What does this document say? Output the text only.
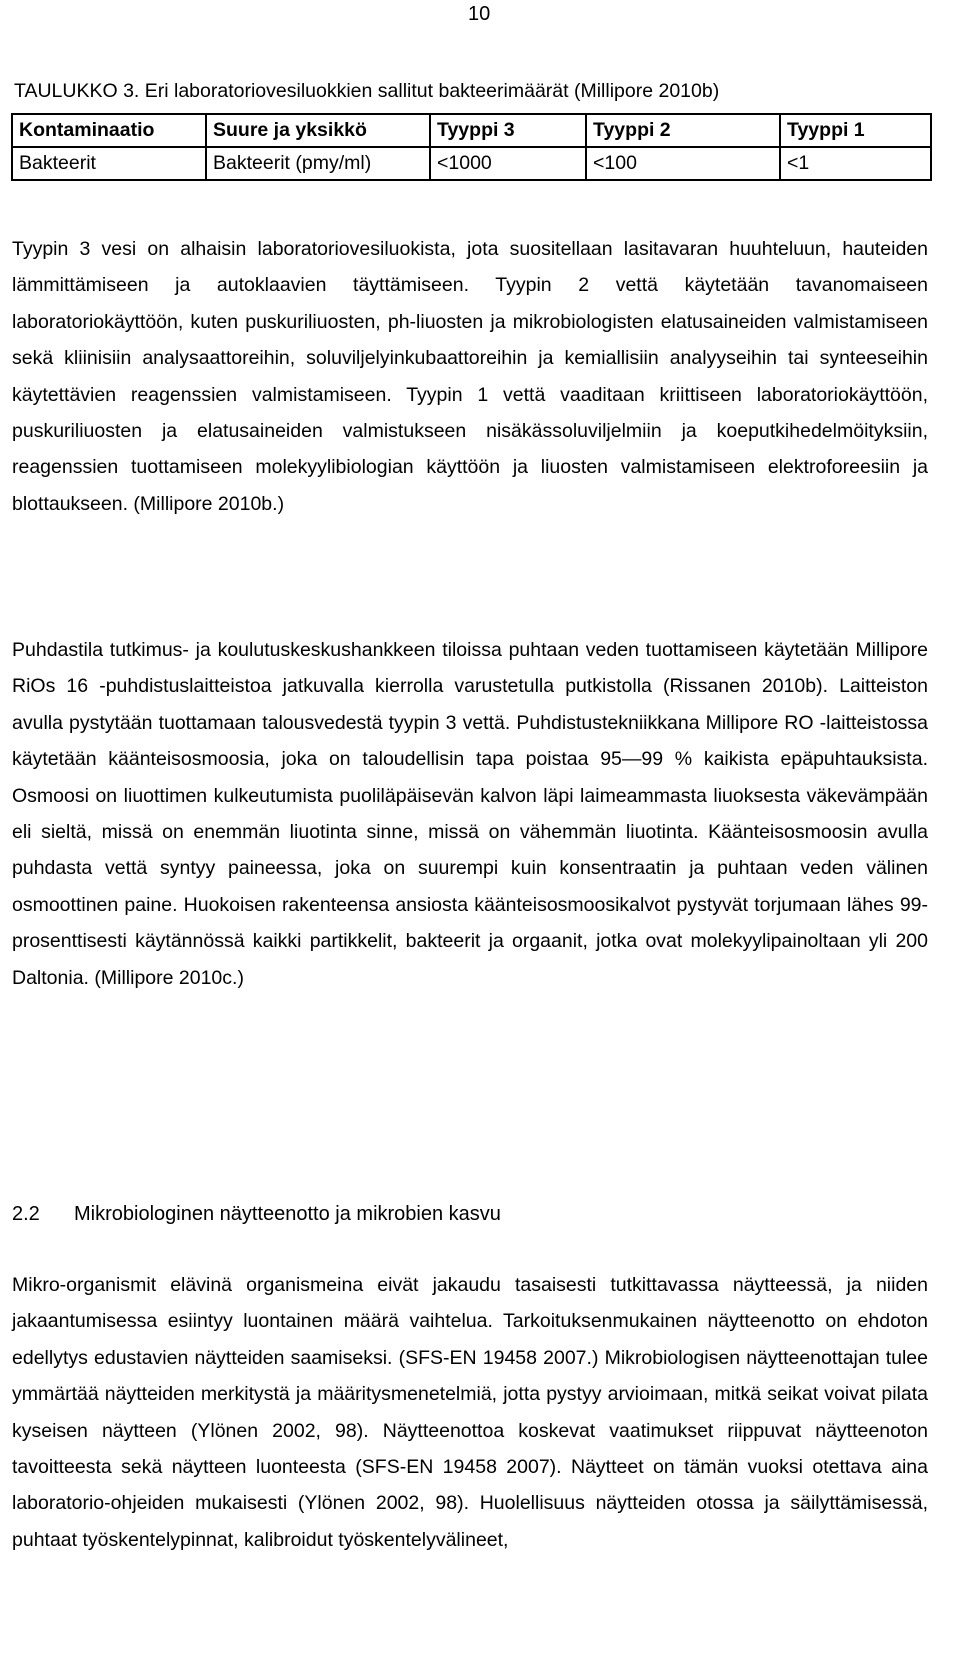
10
TAULUKKO 3. Eri laboratoriovesiluokkien sallitut bakteerimäärät (Millipore 2010b)
Kontaminaatio	Suure ja yksikkö	Tyyppi 3	Tyyppi 2	Tyyppi 1
Bakteerit	Bakteerit (pmy/ml)	<1000	<100	<1

Tyypin 3 vesi on alhaisin laboratoriovesiluokista, jota suositellaan lasitavaran huuhteluun, hauteiden lämmittämiseen ja autoklaavien täyttämiseen. Tyypin 2 vettä käytetään tavanomaiseen laboratoriokäyttöön, kuten puskuriliuosten, ph-liuosten ja mikrobiologisten elatusaineiden valmistamiseen sekä kliinisiin analysaattoreihin, soluviljelyinkubaattoreihin ja kemiallisiin analyyseihin tai synteeseihin käytettävien reagenssien valmistamiseen. Tyypin 1 vettä vaaditaan kriittiseen laboratoriokäyttöön, puskuriliuosten ja elatusaineiden valmistukseen nisäkässoluviljelmiin ja koeputkihedelmöityksiin, reagenssien tuottamiseen molekyylibiologian käyttöön ja liuosten valmistamiseen elektroforeesiin ja blottaukseen. (Millipore 2010b.)

Puhdastila tutkimus- ja koulutuskeskushankkeen tiloissa puhtaan veden tuottamiseen käytetään Millipore RiOs 16 -puhdistuslaitteistoa jatkuvalla kierrolla varustetulla putkistolla (Rissanen 2010b). Laitteiston avulla pystytään tuottamaan talousvedestä tyypin 3 vettä. Puhdistustekniikkana Millipore RO -laitteistossa käytetään käänteisosmoosia, joka on taloudellisin tapa poistaa 95—99 % kaikista epäpuhtauksista. Osmoosi on liuottimen kulkeutumista puoliläpäisevän kalvon läpi laimeammasta liuoksesta väkevämpään eli sieltä, missä on enemmän liuotinta sinne, missä on vähemmän liuotinta. Käänteisosmoosin avulla puhdasta vettä syntyy paineessa, joka on suurempi kuin konsentraatin ja puhtaan veden välinen osmoottinen paine. Huokoisen rakenteensa ansiosta käänteisosmoosikalvot pystyvät torjumaan lähes 99-prosenttisesti käytännössä kaikki partikkelit, bakteerit ja orgaanit, jotka ovat molekyylipainoltaan yli 200 Daltonia. (Millipore 2010c.)

2.2 Mikrobiologinen näytteenotto ja mikrobien kasvu

Mikro-organismit elävinä organismeina eivät jakaudu tasaisesti tutkittavassa näytteessä, ja niiden jakaantumisessa esiintyy luontainen määrä vaihtelua. Tarkoituksenmukainen näytteenotto on ehdoton edellytys edustavien näytteiden saamiseksi. (SFS-EN 19458 2007.) Mikrobiologisen näytteenottajan tulee ymmärtää näytteiden merkitystä ja määritysmenetelmiä, jotta pystyy arvioimaan, mitkä seikat voivat pilata kyseisen näytteen (Ylönen 2002, 98). Näytteenottoa koskevat vaatimukset riippuvat näytteenoton tavoitteesta sekä näytteen luonteesta (SFS-EN 19458 2007). Näytteet on tämän vuoksi otettava aina laboratorio-ohjeiden mukaisesti (Ylönen 2002, 98). Huolellisuus näytteiden otossa ja säilyttämisessä, puhtaat työskentelypinnat, kalibroidut työskentelyvälineet,
